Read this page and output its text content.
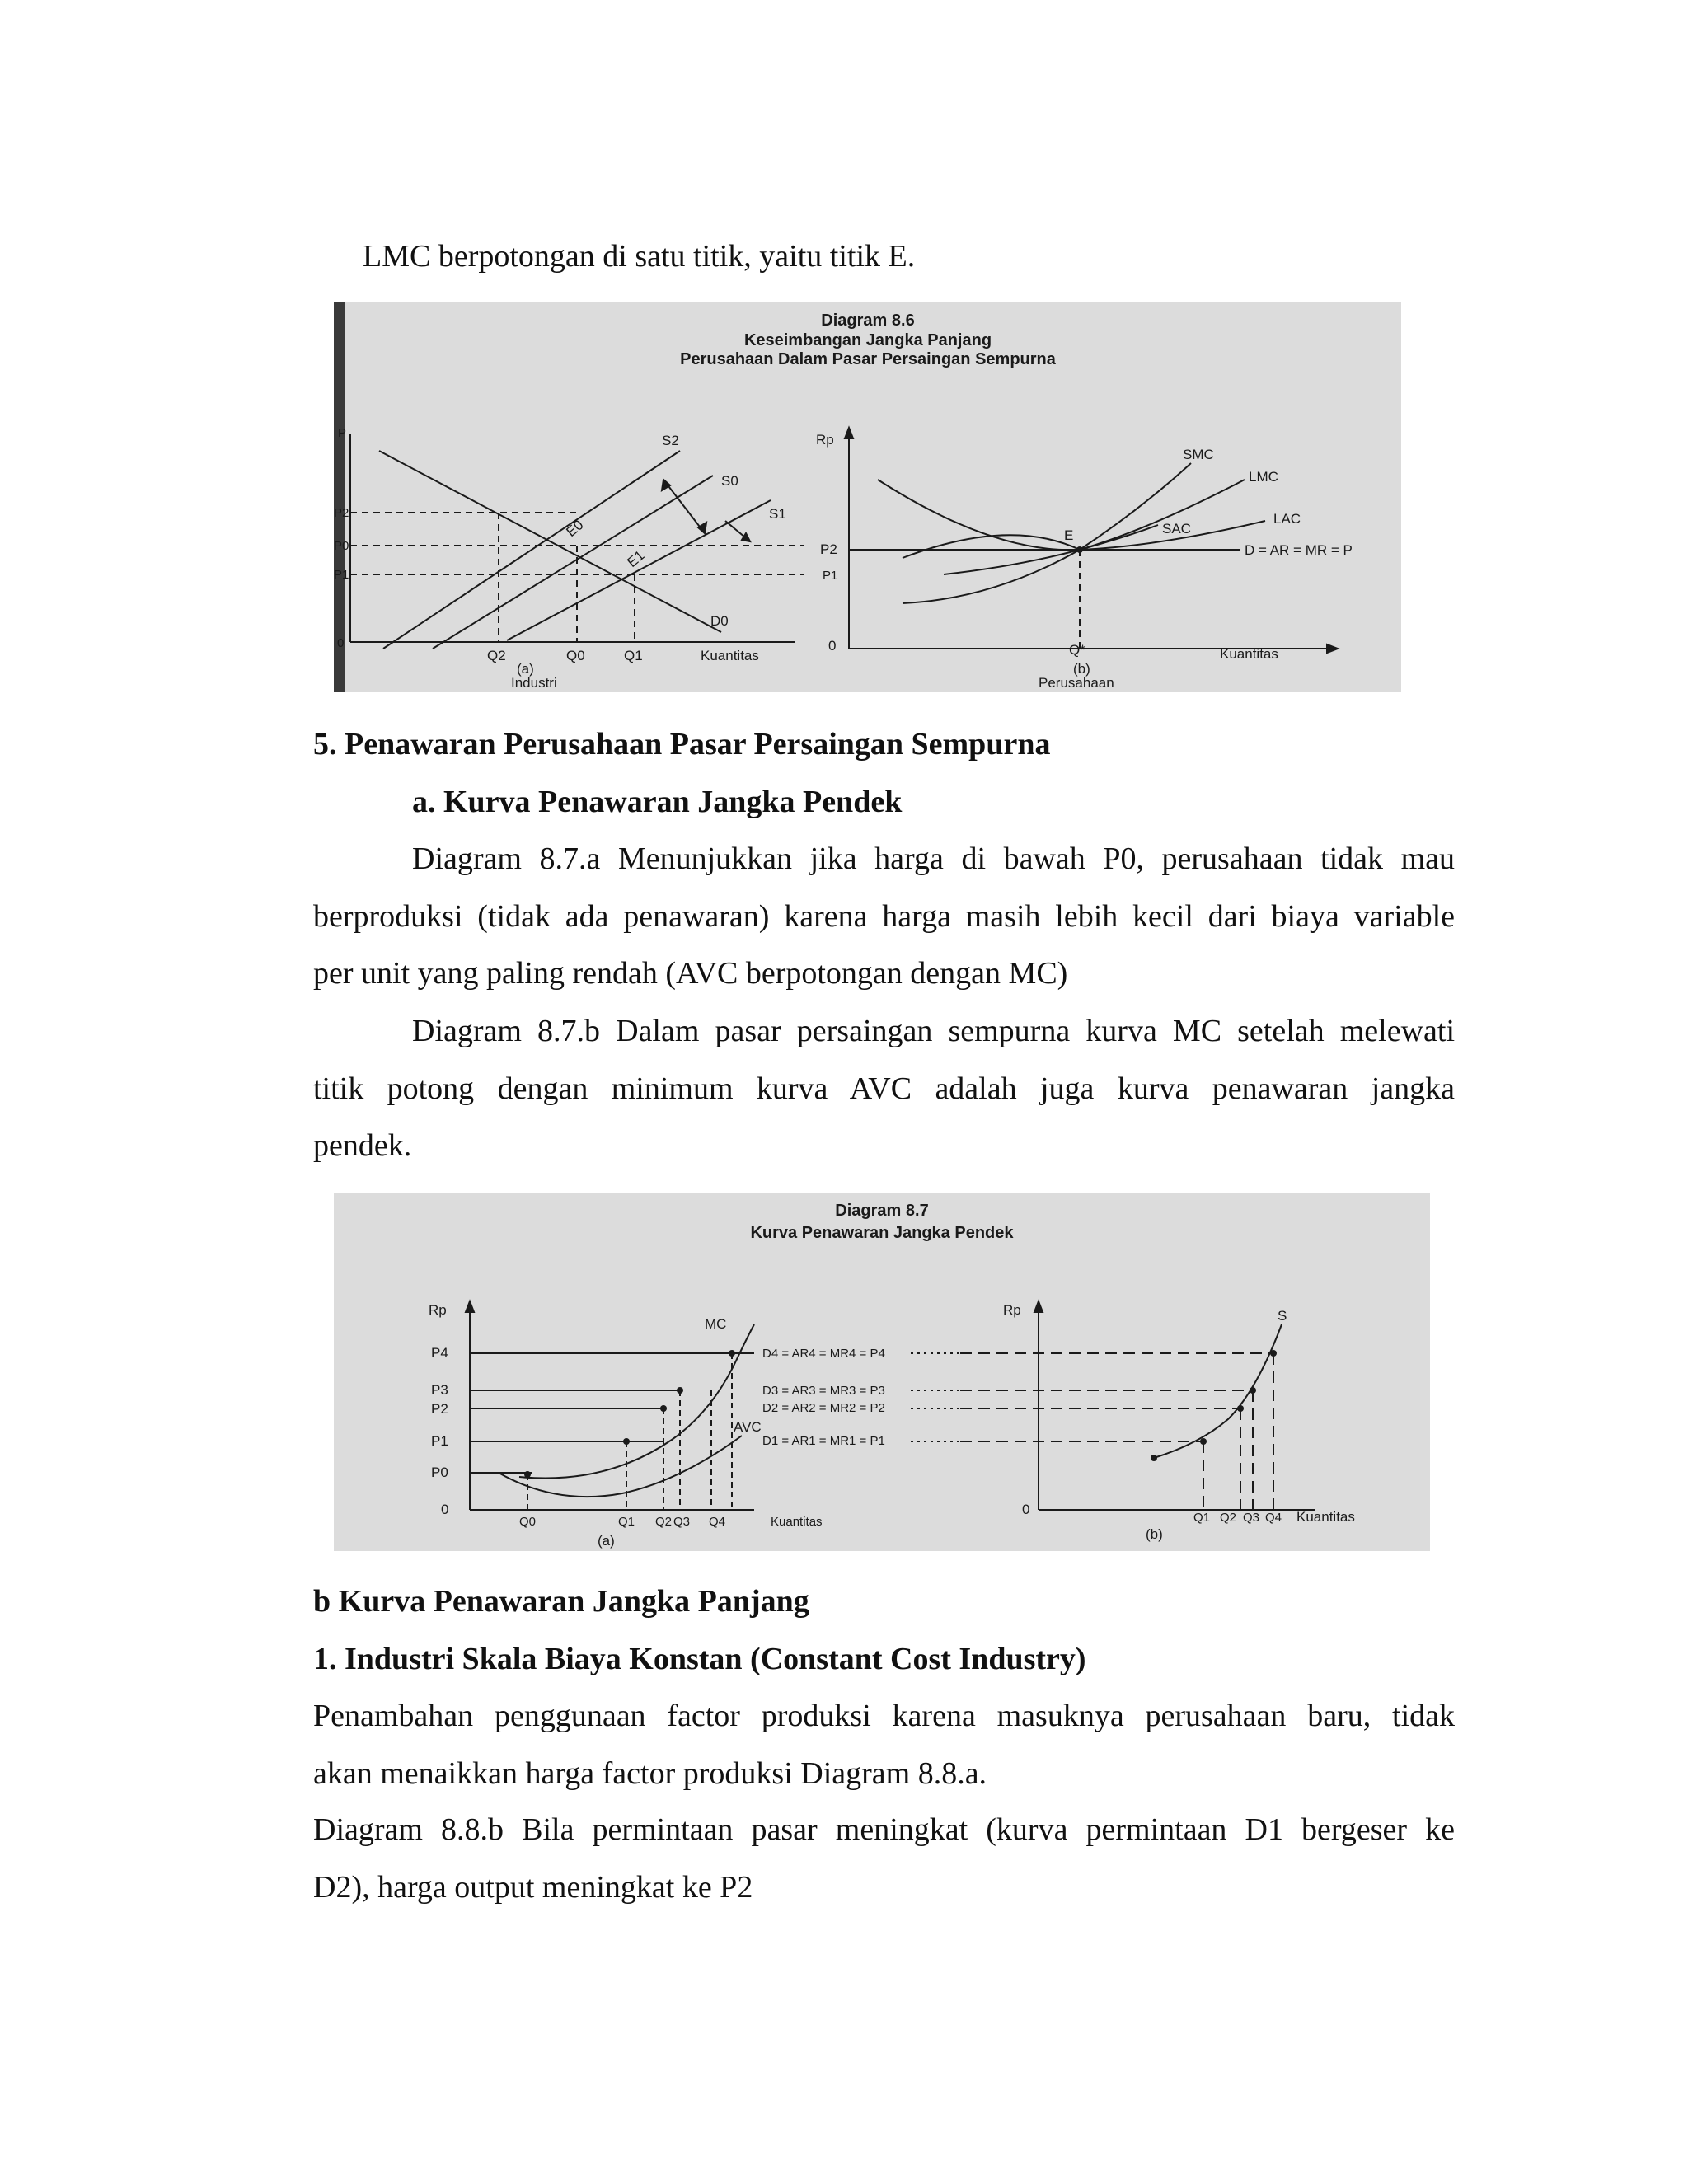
LMC berpotongan di satu titik, yaitu titik E.
Diagram 8.6
Keseimbangan Jangka Panjang
Perusahaan Dalam Pasar Persaingan Sempurna
P
P2
P0
P1
0
S2
S0
S1
D0
E0
E1
Q2	Q0	Q1	Kuantitas
(a)
Industri
Rp
P2
P1
0
SMC
LMC
LAC
SAC
E
D = AR = MR = P
Q*	Kuantitas
(b)
Perusahaan
5. Penawaran Perusahaan Pasar Persaingan Sempurna
a. Kurva Penawaran Jangka Pendek
Diagram 8.7.a Menunjukkan jika harga di bawah P0, perusahaan tidak mau
berproduksi (tidak ada penawaran) karena harga masih lebih kecil dari biaya variable
per unit yang paling rendah (AVC berpotongan dengan MC)
Diagram 8.7.b Dalam pasar persaingan sempurna kurva MC setelah melewati
titik potong dengan minimum kurva AVC adalah juga kurva penawaran jangka
pendek.
Diagram 8.7
Kurva Penawaran Jangka Pendek
Rp
P4
P3
P2
P1
P0
0
MC
AVC
D4 = AR4 = MR4 = P4
D3 = AR3 = MR3 = P3
D2 = AR2 = MR2 = P2
D1 = AR1 = MR1 = P1
Q0	Q1 Q2 Q3 Q4	Kuantitas
(a)
Rp
0
S
Q1 Q2 Q3 Q4 Kuantitas
(b)
b Kurva Penawaran Jangka Panjang
1. Industri Skala Biaya Konstan (Constant Cost Industry)
Penambahan penggunaan factor produksi karena masuknya perusahaan baru, tidak
akan menaikkan harga factor produksi Diagram 8.8.a.
Diagram 8.8.b Bila permintaan pasar meningkat (kurva permintaan D1 bergeser ke
D2), harga output meningkat ke P2
